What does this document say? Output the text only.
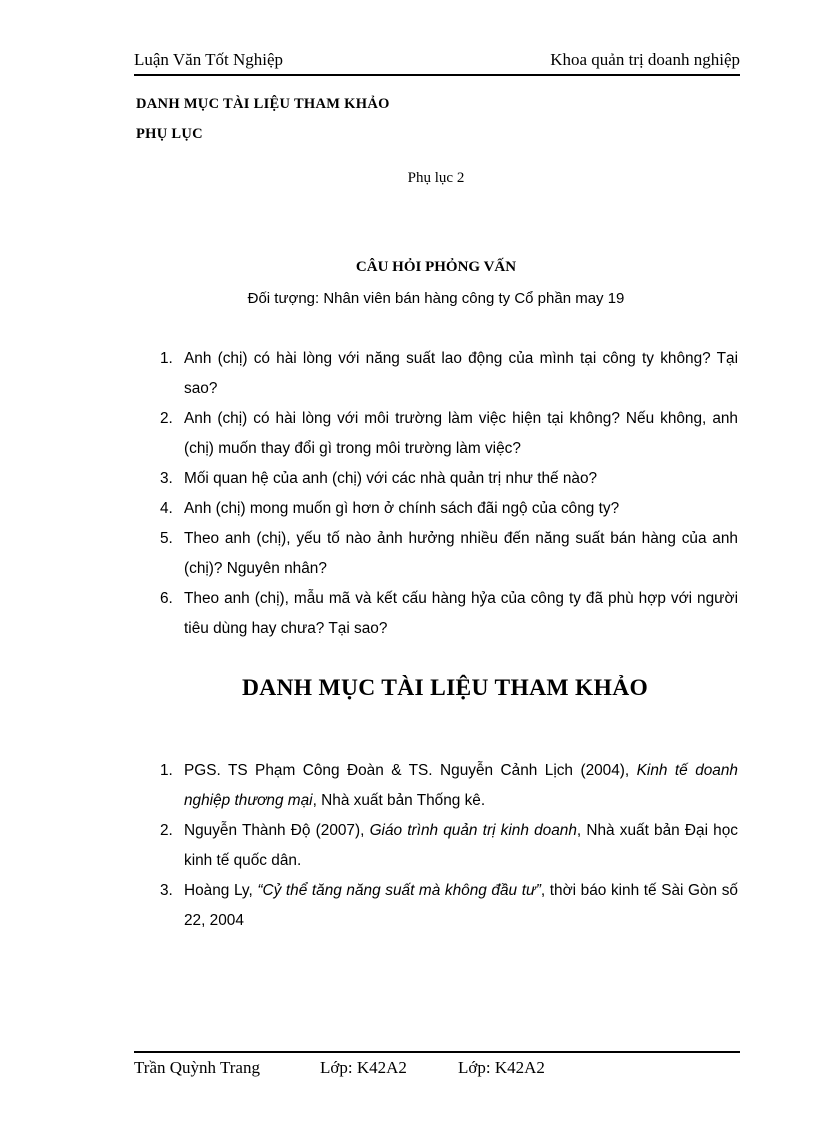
Luận Văn Tốt Nghiệp	Khoa quản trị doanh nghiệp
DANH MỤC TÀI LIỆU THAM KHẢO
PHỤ LỤC
Phụ lục 2
CÂU HỎI PHỎNG VẤN
Đối tượng: Nhân viên bán hàng công ty Cổ phần may 19
1. Anh (chị) có hài lòng với năng suất lao động của mình tại công ty không? Tại sao?
2. Anh (chị) có hài lòng với môi trường làm việc hiện tại không? Nếu không, anh (chị) muốn thay đổi gì trong môi trường làm việc?
3. Mối quan hệ của anh (chị) với các nhà quản trị như thế nào?
4. Anh (chị) mong muốn gì hơn ở chính sách đãi ngộ của công ty?
5. Theo anh (chị), yếu tố nào ảnh hưởng nhiều đến năng suất bán hàng của anh (chị)? Nguyên nhân?
6. Theo anh (chị), mẫu mã và kết cấu hàng hỷa của công ty đã phù hợp với người tiêu dùng hay chưa? Tại sao?
DANH MỤC TÀI LIỆU THAM KHẢO
1. PGS. TS Phạm Công Đoàn & TS. Nguyễn Cảnh Lịch (2004), Kinh tế doanh nghiệp thương mại, Nhà xuất bản Thống kê.
2. Nguyễn Thành Độ (2007), Giáo trình quản trị kinh doanh, Nhà xuất bản Đại học kinh tế quốc dân.
3. Hoàng Ly, “Cỷ thể tăng năng suất mà không đầu tư”, thời báo kinh tế Sài Gòn số 22, 2004
Trần Quỳnh Trang	Lớp: K42A2	Lớp: K42A2
